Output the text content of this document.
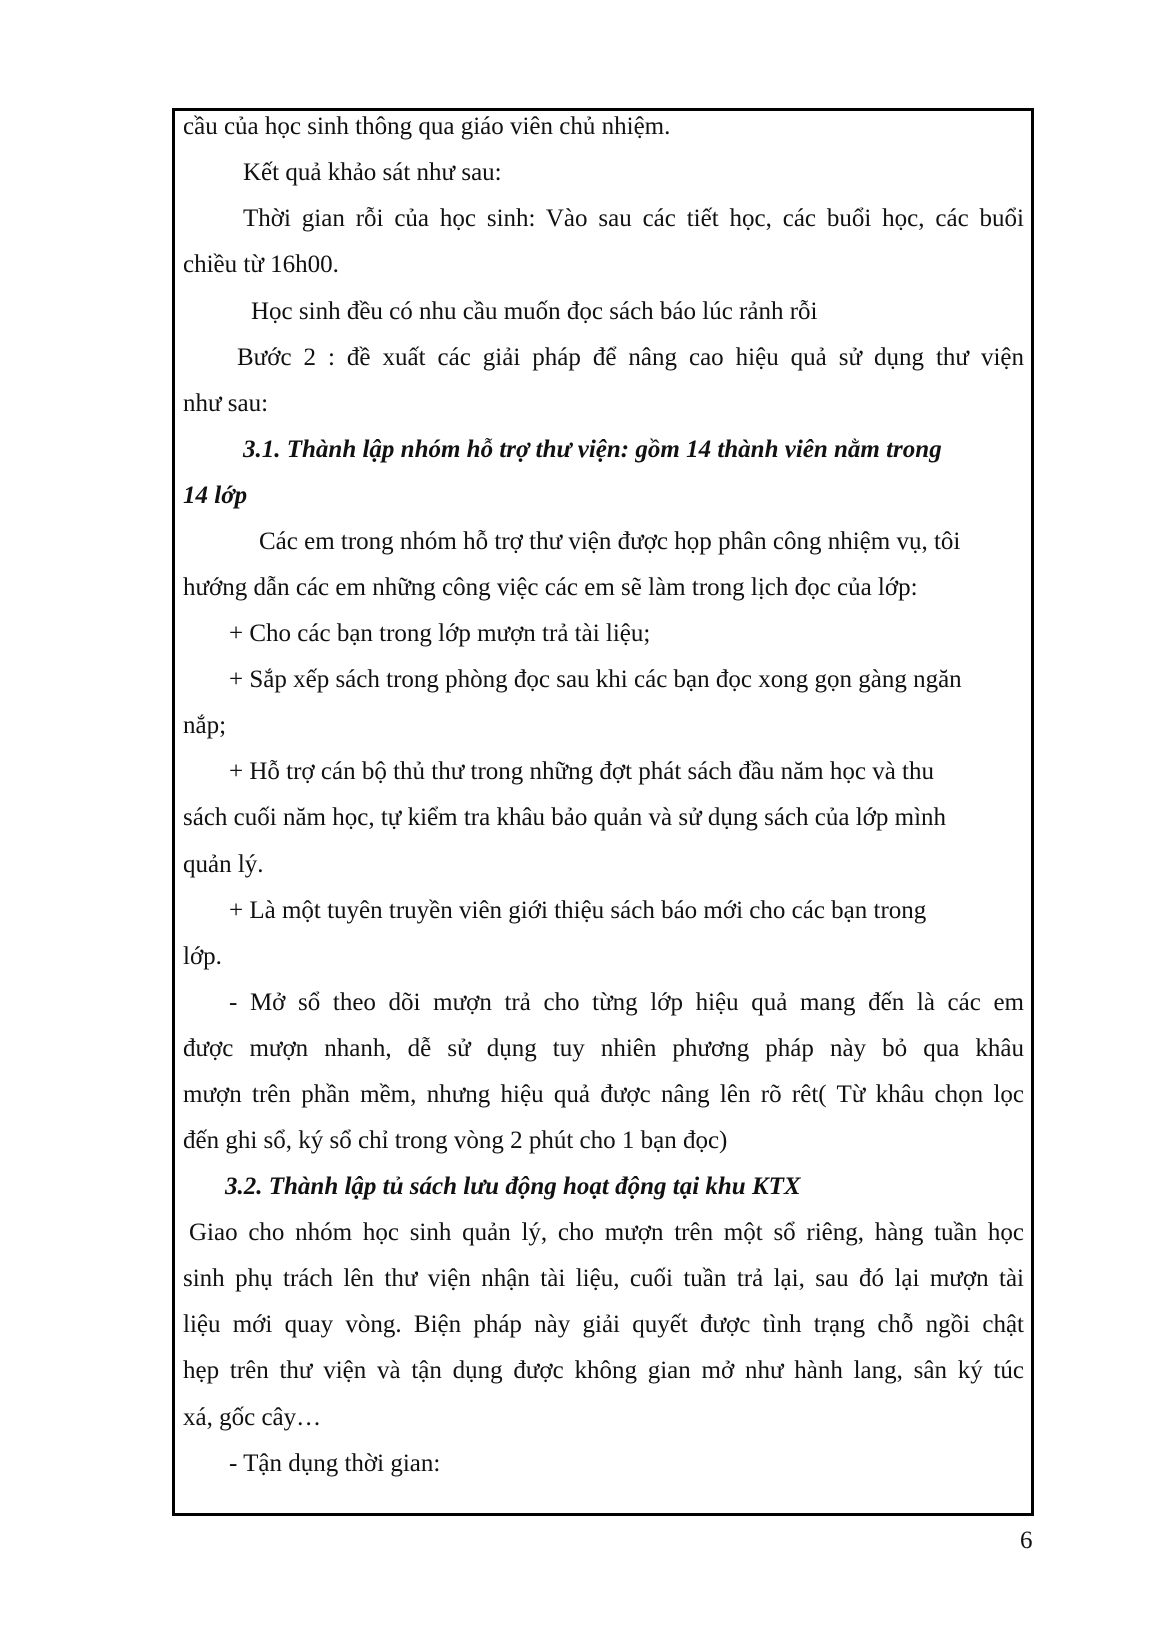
cầu của học sinh thông qua giáo viên chủ nhiệm.
Kết quả khảo sát như sau:
Thời gian rỗi của học sinh: Vào sau các tiết học, các buổi học, các buổi
chiều từ 16h00.
Học sinh đều có nhu cầu muốn đọc sách báo lúc rảnh rỗi
Bước 2 : đề xuất các giải pháp để nâng cao hiệu quả sử dụng thư viện
như sau:
3.1. Thành lập nhóm hỗ trợ thư viện: gồm 14 thành viên nằm trong
14 lớp
Các em trong nhóm hỗ trợ thư viện được họp phân công nhiệm vụ, tôi
hướng dẫn các em những công việc các em sẽ làm trong lịch đọc của lớp:
+ Cho các bạn trong lớp mượn trả tài liệu;
+ Sắp xếp sách trong phòng đọc sau khi các bạn đọc xong gọn gàng ngăn
nắp;
+ Hỗ trợ cán bộ thủ thư trong những đợt phát sách đầu năm học và thu
sách cuối năm học, tự kiểm tra khâu bảo quản và sử dụng sách của lớp mình
quản lý.
+ Là một tuyên truyền viên giới thiệu sách báo mới cho các bạn trong
lớp.
- Mở sổ theo dõi mượn trả cho từng lớp hiệu quả mang đến là các em
được mượn nhanh, dễ sử dụng tuy nhiên phương pháp này bỏ qua khâu
mượn trên phần mềm, nhưng hiệu quả được nâng lên rõ rêt( Từ khâu chọn lọc
đến ghi sổ, ký sổ chỉ trong vòng 2 phút cho 1 bạn đọc)
3.2. Thành lập tủ sách lưu động hoạt động tại khu KTX
Giao cho nhóm học sinh quản lý, cho mượn trên một sổ riêng, hàng tuần học
sinh phụ trách lên thư viện nhận tài liệu, cuối tuần trả lại, sau đó lại mượn tài
liệu mới quay vòng. Biện pháp này giải quyết được tình trạng chỗ ngồi chật
hẹp trên thư viện và tận dụng được không gian mở như hành lang, sân ký túc
xá, gốc cây…
- Tận dụng thời gian:
6
